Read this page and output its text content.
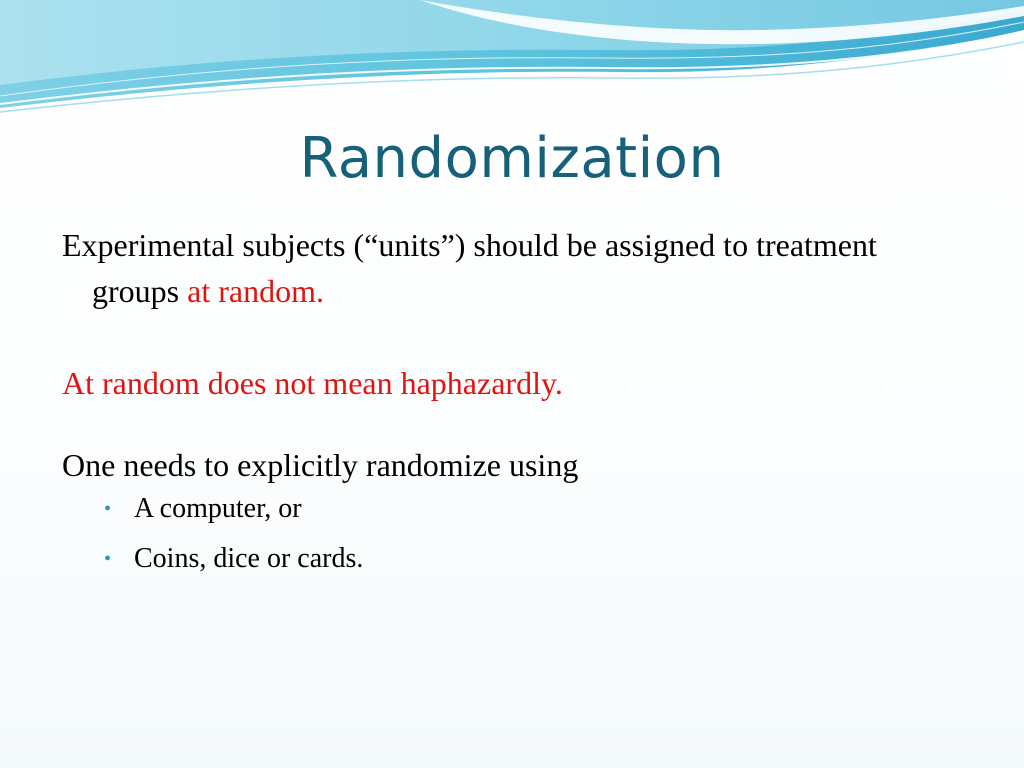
Randomization
Experimental subjects (“units”) should be assigned to treatment groups at random.
At random does not mean haphazardly.
One needs to explicitly randomize using
• A computer, or
• Coins, dice or cards.
